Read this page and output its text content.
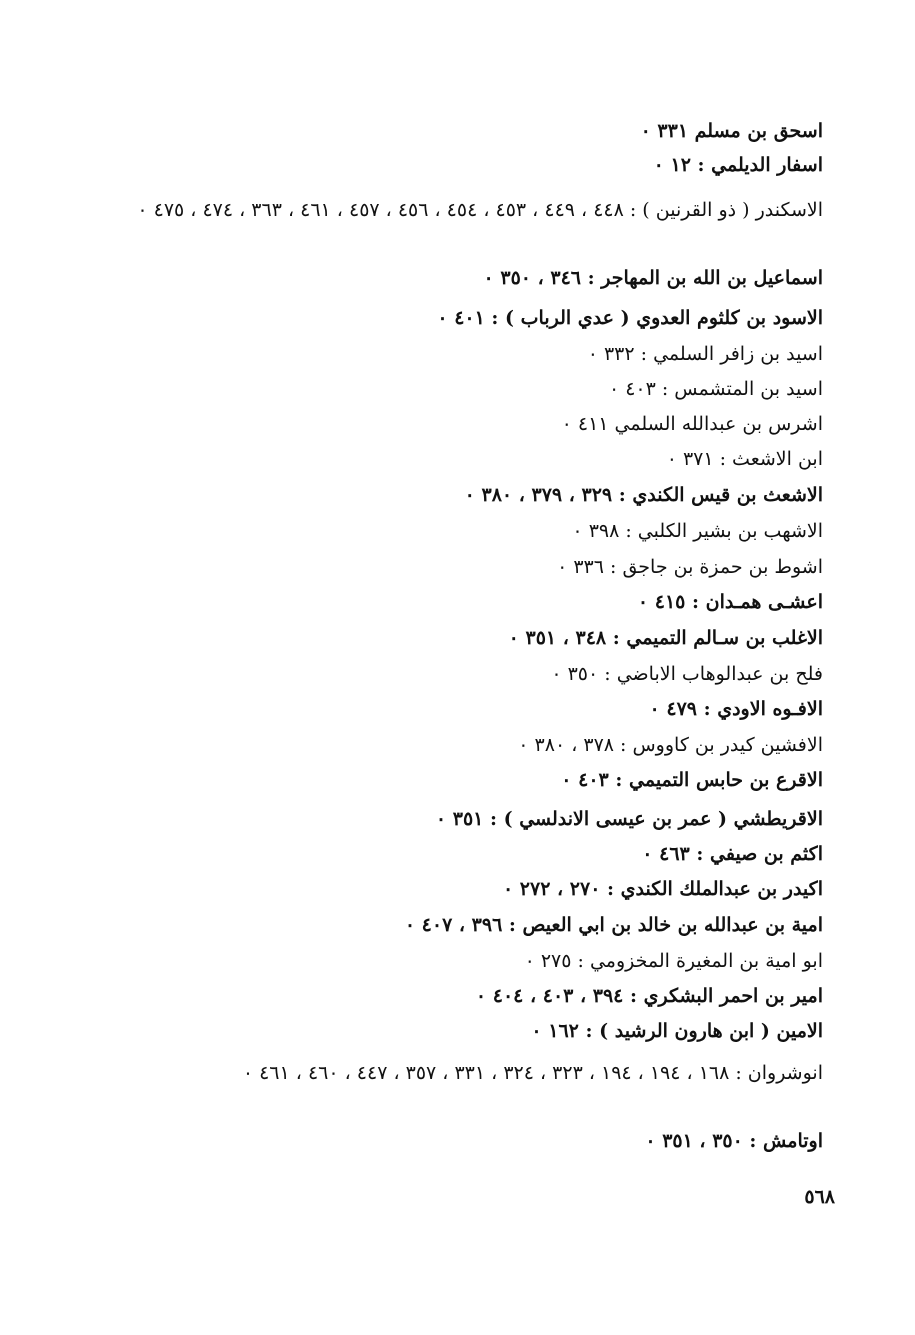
اسحق بن مسلم ٣٣١ ٠
اسفار الديلمي : ١٢ ٠
الاسكندر ( ذو القرنين ) : ٤٤٨ ، ٤٤٩ ، ٤٥٣ ، ٤٥٤ ، ٤٥٦ ، ٤٥٧ ، ٤٦١ ، ٣٦٣ ، ٤٧٤ ، ٤٧٥ ٠
اسماعيل بن الله بن المهاجر : ٣٤٦ ، ٣٥٠ ٠
الاسود بن كلثوم العدوي ( عدي الرباب ) : ٤٠١ ٠
اسيد بن زافر السلمي : ٣٣٢ ٠
اسيد بن المتشمس : ٤٠٣ ٠
اشرس بن عبدالله السلمي ٤١١ ٠
ابن الاشعث : ٣٧١ ٠
الاشعث بن قيس الكندي : ٣٢٩ ، ٣٧٩ ، ٣٨٠ ٠
الاشهب بن بشير الكلبي : ٣٩٨ ٠
اشوط بن حمزة بن جاجق : ٣٣٦ ٠
اعشـى همـدان : ٤١٥ ٠
الاغلب بن سـالم التميمي : ٣٤٨ ، ٣٥١ ٠
فلح بن عبدالوهاب الاباضي : ٣٥٠ ٠
الافـوه الاودي : ٤٧٩ ٠
الافشين كيدر بن كاووس : ٣٧٨ ، ٣٨٠ ٠
الاقرع بن حابس التميمي : ٤٠٣ ٠
الاقريطشي ( عمر بن عيسى الاندلسي ) : ٣٥١ ٠
اكثم بن صيفي : ٤٦٣ ٠
اكيدر بن عبدالملك الكندي : ٢٧٠ ، ٢٧٢ ٠
امية بن عبدالله بن خالد بن ابي العيص : ٣٩٦ ، ٤٠٧ ٠
ابو امية بن المغيرة المخزومي : ٢٧٥ ٠
امير بن احمر البشكري : ٣٩٤ ، ٤٠٣ ، ٤٠٤ ٠
الامين ( ابن هارون الرشيد ) : ١٦٢ ٠
انوشروان : ١٦٨ ، ١٩٤ ، ١٩٤ ، ٣٢٣ ، ٣٢٤ ، ٣٣١ ، ٣٥٧ ، ٤٤٧ ، ٤٦٠ ، ٤٦١ ٠
اوتامش : ٣٥٠ ، ٣٥١ ٠
٥٦٨
